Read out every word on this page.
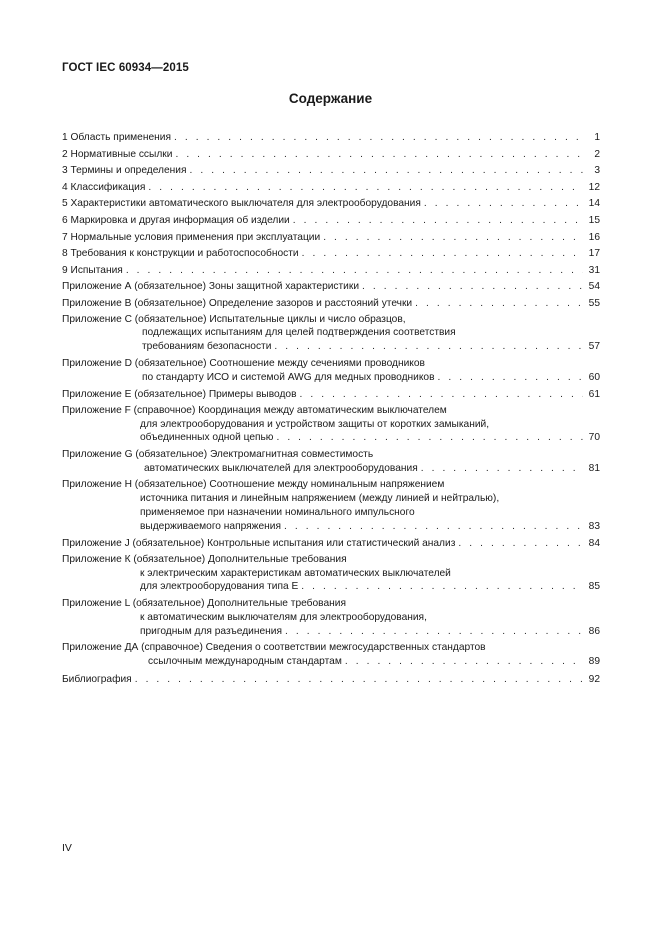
ГОСТ IEC 60934—2015
Содержание
1 Область применения . . .	1
2 Нормативные ссылки . . .	2
3 Термины и определения . . .	3
4 Классификация . . .	12
5 Характеристики автоматического выключателя для электрооборудования . . .	14
6 Маркировка и другая информация об изделии . . .	15
7 Нормальные условия применения при эксплуатации . . .	16
8 Требования к конструкции и работоспособности . . .	17
9 Испытания . . .	31
Приложение А (обязательное) Зоны защитной характеристики . . .	54
Приложение В (обязательное) Определение зазоров и расстояний утечки . . .	55
Приложение С (обязательное) Испытательные циклы и число образцов,
подлежащих испытаниям для целей подтверждения соответствия
требованиям безопасности . . .	57
Приложение D (обязательное) Соотношение между сечениями проводников
по стандарту ИСО и системой AWG для медных проводников . . .	60
Приложение Е (обязательное) Примеры выводов . . .	61
Приложение F (справочное) Координация между автоматическим выключателем
для электрооборудования и устройством защиты от коротких замыканий,
объединенных одной цепью . . .	70
Приложение G (обязательное) Электромагнитная совместимость
автоматических выключателей для электрооборудования . . .	81
Приложение Н (обязательное) Соотношение между номинальным напряжением
источника питания и линейным напряжением (между линией и нейтралью),
применяемое при назначении номинального импульсного
выдерживаемого напряжения . . .	83
Приложение J (обязательное) Контрольные испытания или статистический анализ . . .	84
Приложение К (обязательное) Дополнительные требования
к электрическим характеристикам автоматических выключателей
для электрооборудования типа Е . . .	85
Приложение L (обязательное) Дополнительные требования
к автоматическим выключателям для электрооборудования,
пригодным для разъединения . . .	86
Приложение ДА (справочное) Сведения о соответствии межгосударственных стандартов
ссылочным международным стандартам . . .	89
Библиография . . .	92
IV
